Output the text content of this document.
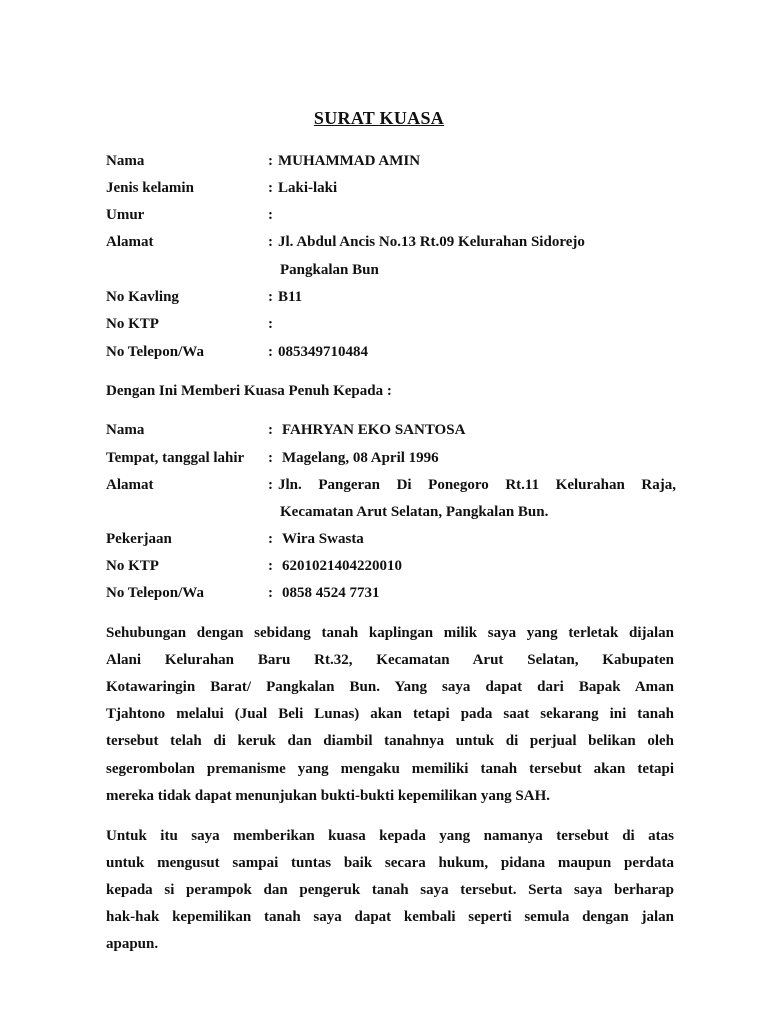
SURAT KUASA
Nama	: MUHAMMAD AMIN
Jenis kelamin	: Laki-laki
Umur	:
Alamat	: Jl. Abdul Ancis No.13 Rt.09 Kelurahan Sidorejo
Pangkalan Bun
No Kavling	: B11
No KTP	:
No Telepon/Wa	: 085349710484
Dengan Ini Memberi Kuasa Penuh Kepada :
Nama	: FAHRYAN EKO SANTOSA
Tempat, tanggal lahir : Magelang, 08 April 1996
Alamat	: Jln. Pangeran Di Ponegoro Rt.11 Kelurahan Raja,
Kecamatan Arut Selatan, Pangkalan Bun.
Pekerjaan	: Wira Swasta
No KTP	: 6201021404220010
No Telepon/Wa	: 0858 4524 7731
Sehubungan dengan sebidang tanah kaplingan milik saya yang terletak dijalan
Alani Kelurahan Baru Rt.32, Kecamatan Arut Selatan, Kabupaten
Kotawaringin Barat/ Pangkalan Bun. Yang saya dapat dari Bapak Aman
Tjahtono melalui (Jual Beli Lunas) akan tetapi pada saat sekarang ini tanah
tersebut telah di keruk dan diambil tanahnya untuk di perjual belikan oleh
segerombolan premanisme yang mengaku memiliki tanah tersebut akan tetapi
mereka tidak dapat menunjukan bukti-bukti kepemilikan yang SAH.
Untuk itu saya memberikan kuasa kepada yang namanya tersebut di atas
untuk mengusut sampai tuntas baik secara hukum, pidana maupun perdata
kepada si perampok dan pengeruk tanah saya tersebut. Serta saya berharap
hak-hak kepemilikan tanah saya dapat kembali seperti semula dengan jalan
apapun.
